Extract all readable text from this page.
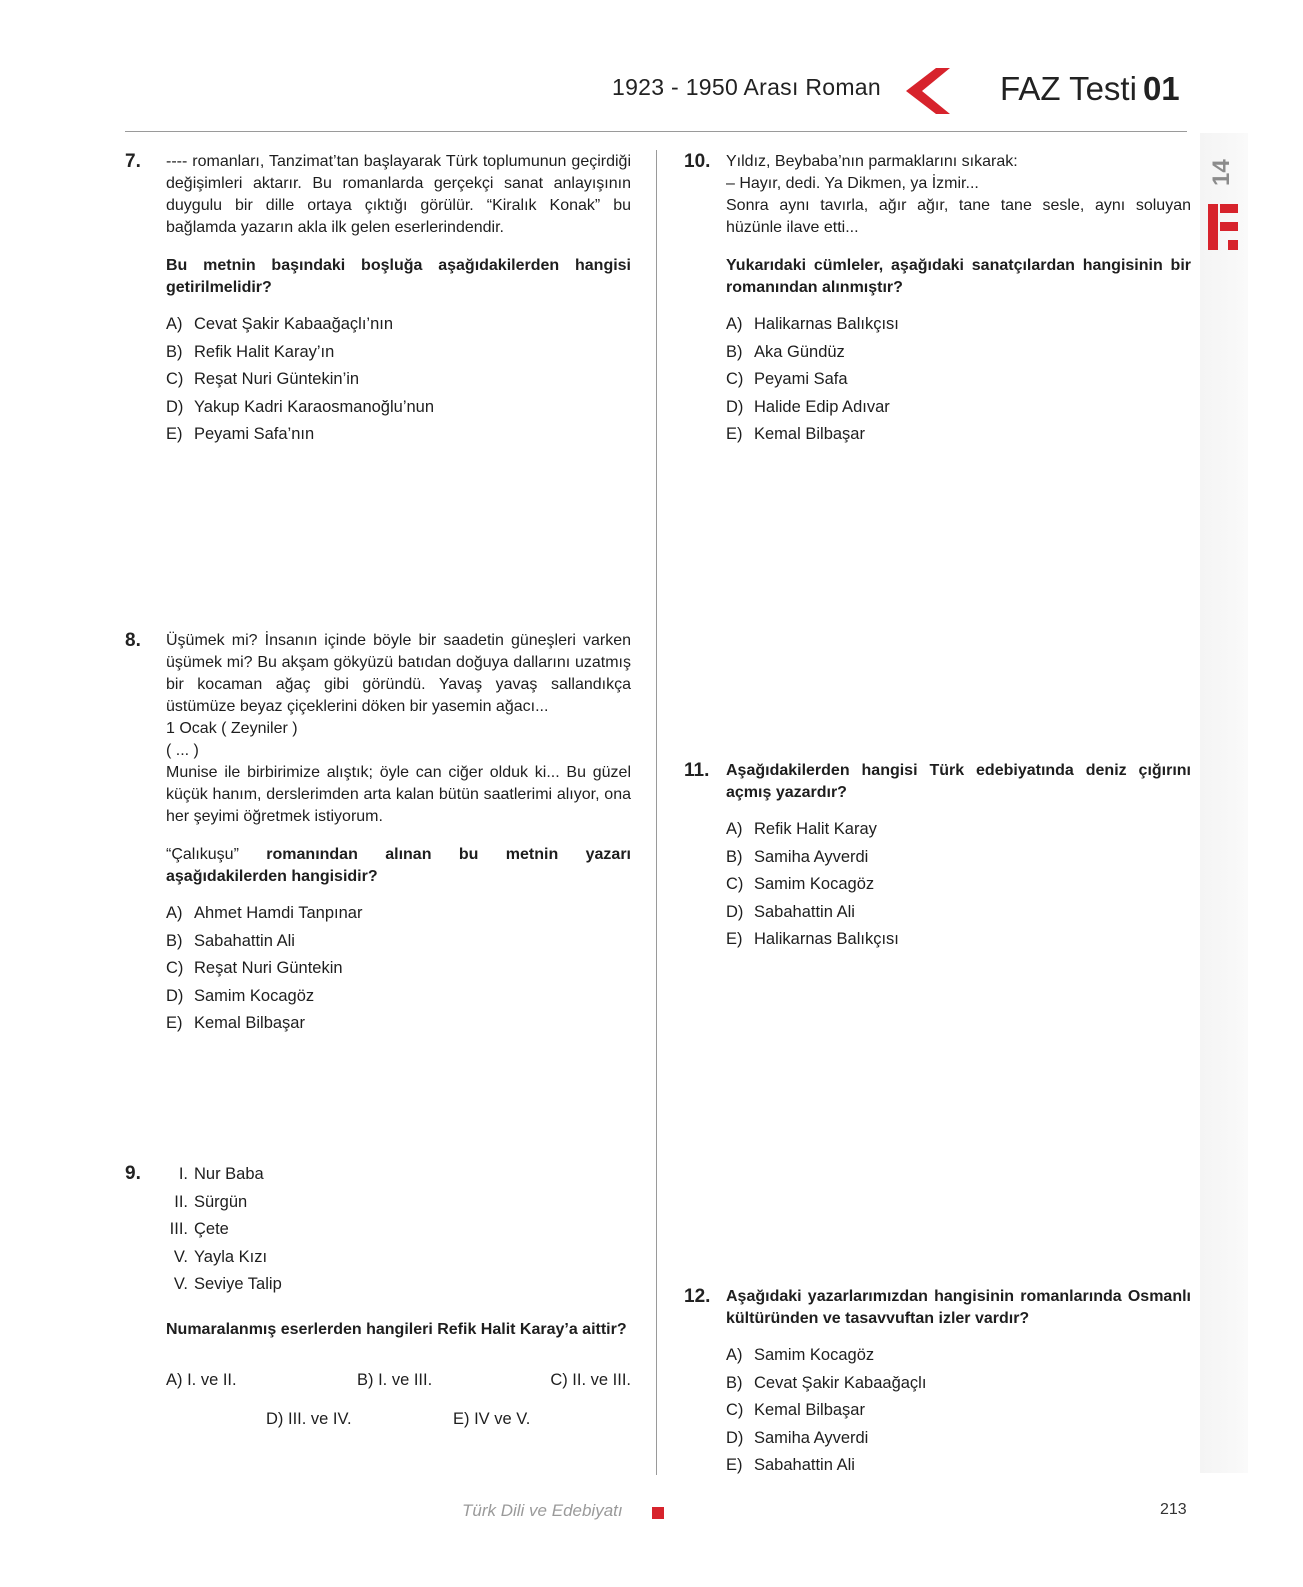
1923 - 1950 Arası Roman	FAZ Testi 01
14
7. ---- romanları, Tanzimat’tan başlayarak Türk toplumunun geçirdiği değişimleri aktarır. Bu romanlarda gerçekçi sanat anlayışının duygulu bir dille ortaya çıktığı görülür. “Kiralık Konak” bu bağlamda yazarın akla ilk gelen eserlerindendir.
Bu metnin başındaki boşluğa aşağıdakilerden hangisi getirilmelidir?
A) Cevat Şakir Kabaağaçlı’nın
B) Refik Halit Karay’ın
C) Reşat Nuri Güntekin’in
D) Yakup Kadri Karaosmanoğlu’nun
E) Peyami Safa’nın
8. Üşümek mi? İnsanın içinde böyle bir saadetin güneşleri varken üşümek mi? Bu akşam gökyüzü batıdan doğuya dallarını uzatmış bir kocaman ağaç gibi göründü. Yavaş yavaş sallandıkça üstümüze beyaz çiçeklerini döken bir yasemin ağacı...

1 Ocak ( Zeyniler )

( ... )

Munise ile birbirimize alıştık; öyle can ciğer olduk ki... Bu güzel küçük hanım, derslerimden arta kalan bütün saatlerimi alıyor, ona her şeyimi öğretmek istiyorum.

“Çalıkuşu” romanından alınan bu metnin yazarı aşağıdakilerden hangisidir?
A) Ahmet Hamdi Tanpınar
B) Sabahattin Ali
C) Reşat Nuri Güntekin
D) Samim Kocagöz
E) Kemal Bilbaşar
9.	I. Nur Baba
II. Sürgün
III. Çete
V. Yayla Kızı
V. Seviye Talip
Numaralanmış eserlerden hangileri Refik Halit Karay’a aittir?
A) I. ve II.	B) I. ve III.	C) II. ve III.
D) III. ve IV.	E) IV ve V.
10. Yıldız, Beybaba’nın parmaklarını sıkarak:

– Hayır, dedi. Ya Dikmen, ya İzmir...

Sonra aynı tavırla, ağır ağır, tane tane sesle, aynı soluyan hüzünle ilave etti...

Yukarıdaki cümleler, aşağıdaki sanatçılardan hangisinin bir romanından alınmıştır?
A) Halikarnas Balıkçısı
B) Aka Gündüz
C) Peyami Safa
D) Halide Edip Adıvar
E) Kemal Bilbaşar
11. Aşağıdakilerden hangisi Türk edebiyatında deniz çığırını açmış yazardır?
A) Refik Halit Karay
B) Samiha Ayverdi
C) Samim Kocagöz
D) Sabahattin Ali
E) Halikarnas Balıkçısı
12. Aşağıdaki yazarlarımızdan hangisinin romanlarında Osmanlı kültüründen ve tasavvuftan izler vardır?
A) Samim Kocagöz
B) Cevat Şakir Kabaağaçlı
C) Kemal Bilbaşar
D) Samiha Ayverdi
E) Sabahattin Ali
Türk Dili ve Edebiyatı	213
